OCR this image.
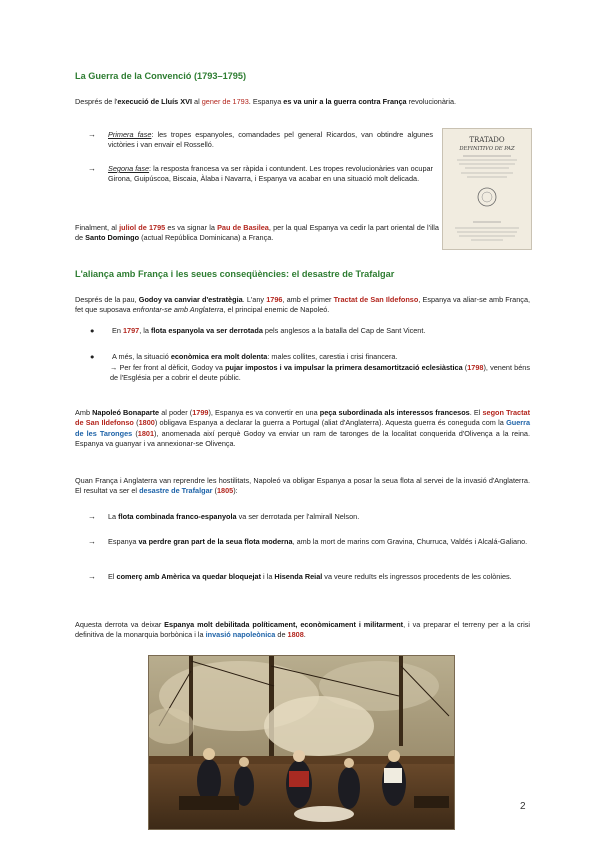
La Guerra de la Convenció (1793–1795)

Després de l'execució de Lluís XVI al gener de 1793. Espanya es va unir a la guerra contra França revolucionària.

→	Primera fase: les tropes espanyoles, comandades pel general Ricardos, van obtindre algunes victòries i van envair el Rosselló.
→	Segona fase: la resposta francesa va ser ràpida i contundent. Les tropes revolucionàries van ocupar Girona, Guipúscoa, Biscaia, Àlaba i Navarra, i Espanya va acabar en una situació molt delicada.
TRATADO
DEFINITIVO DE PAZ

Finalment, al juliol de 1795 es va signar la Pau de Basilea, per la qual Espanya va cedir la part oriental de l'illa de Santo Domingo (actual República Dominicana) a França.

L'aliança amb França i les seues conseqüències: el desastre de Trafalgar

Després de la pau, Godoy va canviar d'estratègia. L'any 1796, amb el primer Tractat de San Ildefonso, Espanya va aliar-se amb França, fet que suposava enfrontar-se amb Anglaterra, el principal enemic de Napoleó.

●	En 1797, la flota espanyola va ser derrotada pels anglesos a la batalla del Cap de Sant Vicent.
●	A més, la situació econòmica era molt dolenta: males collites, carestia i crisi financera.

→ Per fer front al dèficit, Godoy va pujar impostos i va impulsar la primera desamortització eclesiàstica (1798), venent béns de l'Església per a cobrir el deute públic.

Amb Napoleó Bonaparte al poder (1799), Espanya es va convertir en una peça subordinada als interessos francesos. El segon Tractat de San Ildefonso (1800) obligava Espanya a declarar la guerra a Portugal (aliat d'Anglaterra). Aquesta guerra és coneguda com la Guerra de les Taronges (1801), anomenada així perquè Godoy va enviar un ram de taronges de la localitat conquerida d'Olivença a la reina. Espanya va guanyar i va annexionar-se Olivença.

Quan França i Anglaterra van reprendre les hostilitats, Napoleó va obligar Espanya a posar la seua flota al servei de la invasió d'Anglaterra. El resultat va ser el desastre de Trafalgar (1805):

→	La flota combinada franco-espanyola va ser derrotada per l'almirall Nelson.
→	Espanya va perdre gran part de la seua flota moderna, amb la mort de marins com Gravina, Churruca, Valdés i Alcalá-Galiano.
→	El comerç amb Amèrica va quedar bloquejat i la Hisenda Reial va veure reduïts els ingressos procedents de les colònies.

Aquesta derrota va deixar Espanya molt debilitada políticament, econòmicament i militarment, i va preparar el terreny per a la crisi definitiva de la monarquia borbònica i la invasió napoleònica de 1808.

2
